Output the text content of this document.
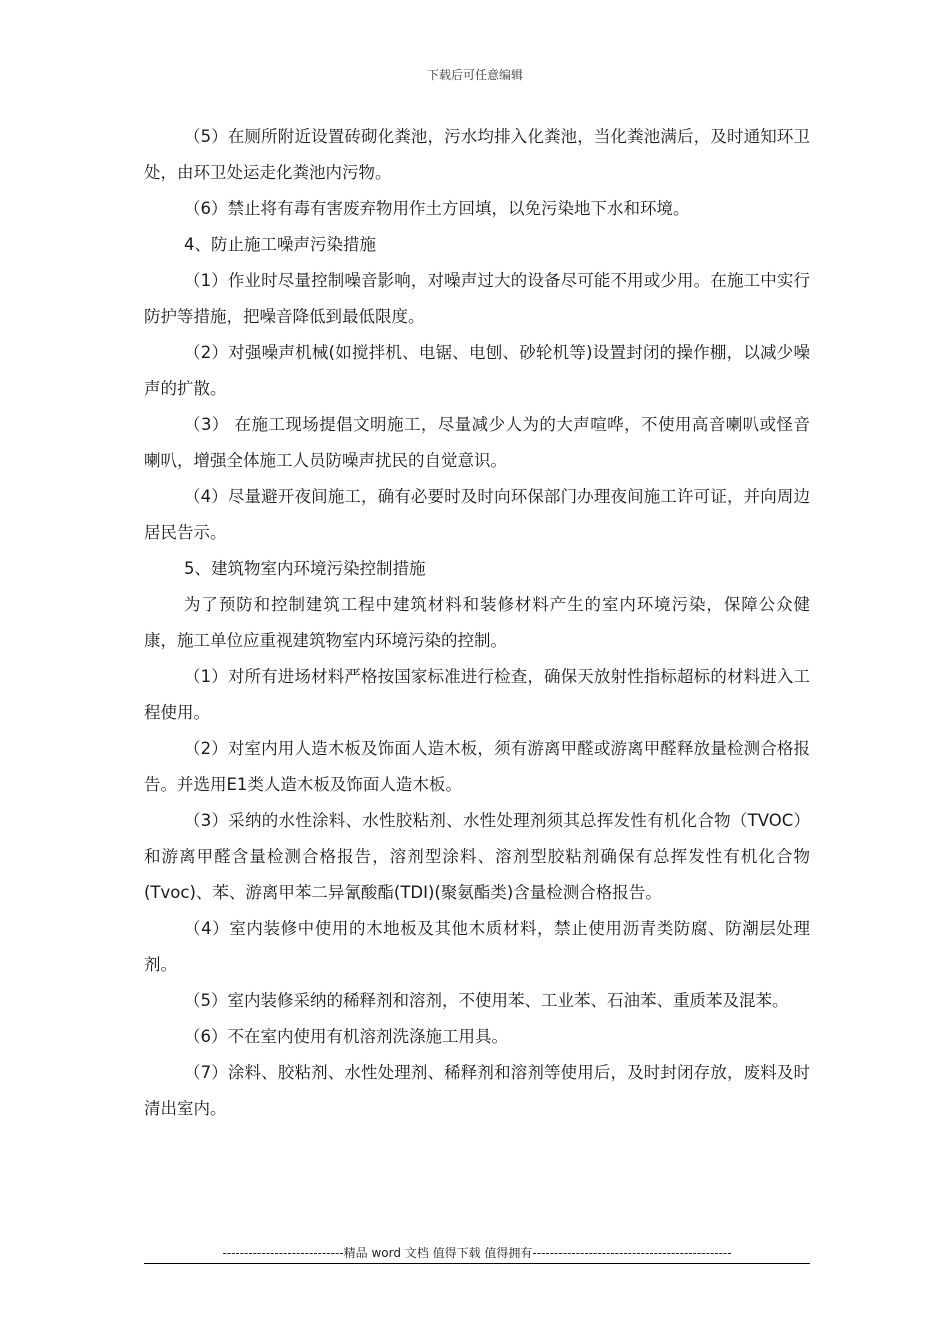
下载后可任意编辑

（5）在厕所附近设置砖砌化粪池，污水均排入化粪池，当化粪池满后，及时通知环卫处，由环卫处运走化粪池内污物。

（6）禁止将有毒有害废弃物用作土方回填，以免污染地下水和环境。

4、防止施工噪声污染措施

（1）作业时尽量控制噪音影响，对噪声过大的设备尽可能不用或少用。在施工中实行防护等措施，把噪音降低到最低限度。

（2）对强噪声机械(如搅拌机、电锯、电刨、砂轮机等)设置封闭的操作棚，以减少噪声的扩散。

（3） 在施工现场提倡文明施工，尽量减少人为的大声喧哗，不使用高音喇叭或怪音喇叭，增强全体施工人员防噪声扰民的自觉意识。

（4）尽量避开夜间施工，确有必要时及时向环保部门办理夜间施工许可证，并向周边居民告示。

5、建筑物室内环境污染控制措施

为了预防和控制建筑工程中建筑材料和装修材料产生的室内环境污染，保障公众健康，施工单位应重视建筑物室内环境污染的控制。

（1）对所有进场材料严格按国家标准进行检查，确保天放射性指标超标的材料进入工程使用。

（2）对室内用人造木板及饰面人造木板，须有游离甲醛或游离甲醛释放量检测合格报告。并选用E1类人造木板及饰面人造木板。

（3）采纳的水性涂料、水性胶粘剂、水性处理剂须其总挥发性有机化合物（TVOC）和游离甲醛含量检测合格报告，溶剂型涂料、溶剂型胶粘剂确保有总挥发性有机化合物(Tvoc)、苯、游离甲苯二异氰酸酯(TDI)(聚氨酯类)含量检测合格报告。

（4）室内装修中使用的木地板及其他木质材料，禁止使用沥青类防腐、防潮层处理剂。

（5）室内装修采纳的稀释剂和溶剂，不使用苯、工业苯、石油苯、重质苯及混苯。

（6）不在室内使用有机溶剂洗涤施工用具。

（7）涂料、胶粘剂、水性处理剂、稀释剂和溶剂等使用后，及时封闭存放，废料及时清出室内。

----------------------------精品 word 文档 值得下载 值得拥有----------------------------------------------
